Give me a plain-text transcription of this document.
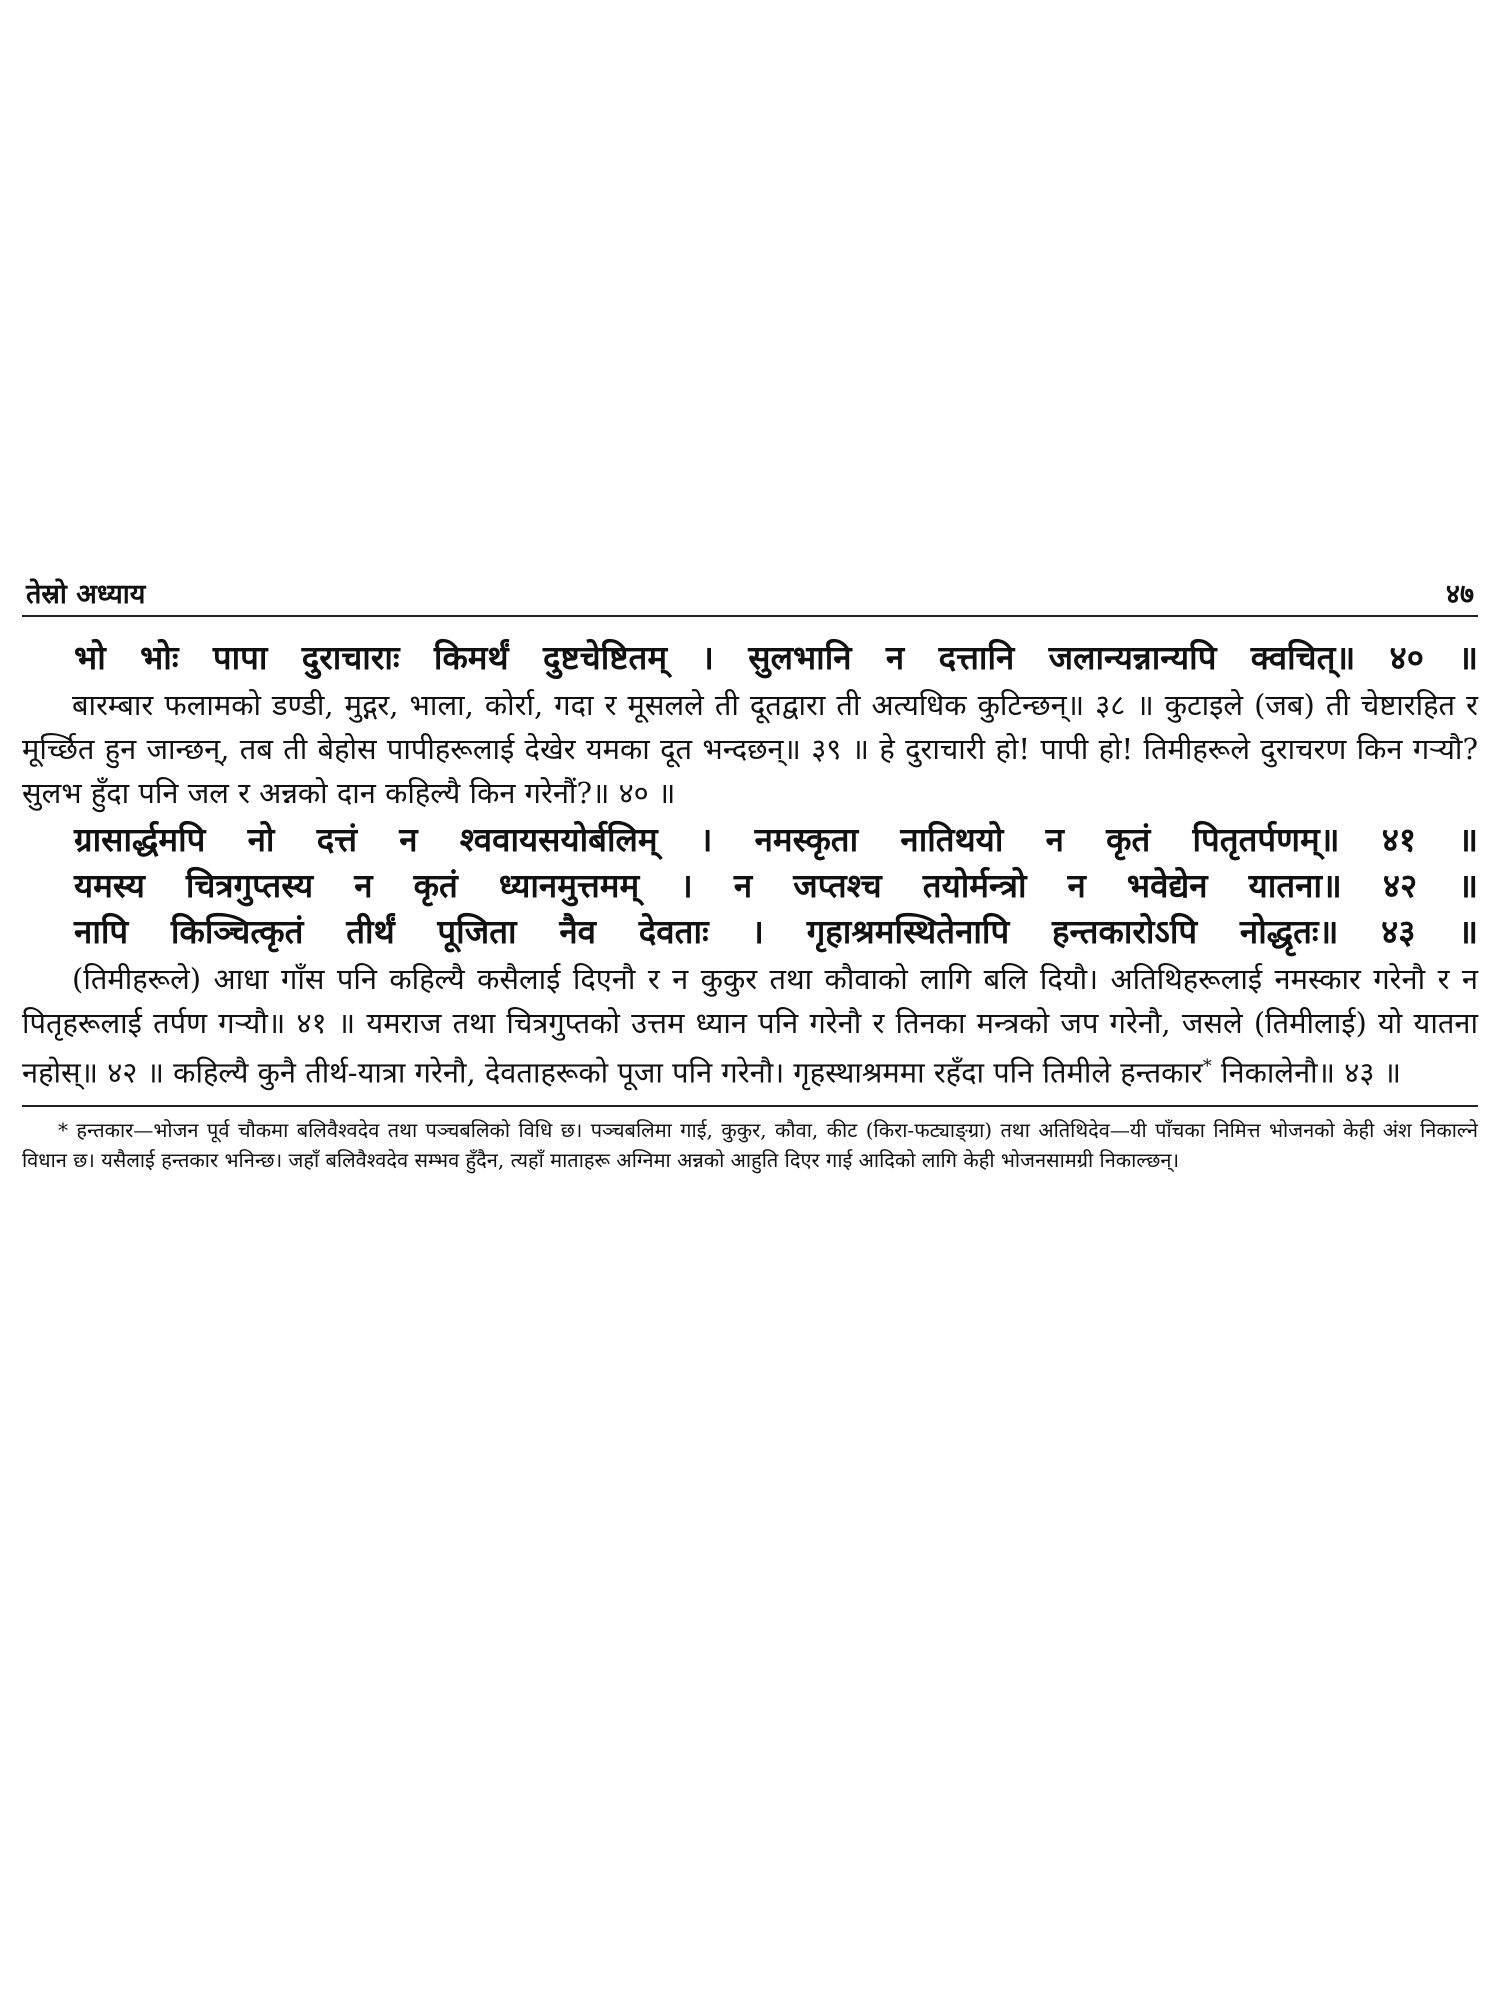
तेस्रो अध्याय	४७
भो भोः पापा दुराचाराः किमर्थं दुष्टचेष्टितम् । सुलभानि न दत्तानि जलान्यन्नान्यपि क्वचित्॥ ४० ॥

बारम्बार फलामको डण्डी, मुद्गर, भाला, कोर्रा, गदा र मूसलले ती दूतद्वारा ती अत्यधिक कुटिन्छन्॥ ३८ ॥ कुटाइले (जब) ती चेष्टारहित र मूर्च्छित हुन जान्छन्, तब ती बेहोस पापीहरूलाई देखेर यमका दूत भन्दछन्॥ ३९ ॥ हे दुराचारी हो! पापी हो! तिमीहरूले दुराचरण किन गऱ्यौ? सुलभ हुँदा पनि जल र अन्नको दान कहिल्यै किन गरेनौं?॥ ४० ॥

ग्रासार्द्धमपि नो दत्तं न श्ववायसयोर्बलिम् । नमस्कृता नातिथयो न कृतं पितृतर्पणम्॥ ४१ ॥
यमस्य चित्रगुप्तस्य न कृतं ध्यानमुत्तमम् । न जप्तश्च तयोर्मन्त्रो न भवेद्येन यातना॥ ४२ ॥
नापि किञ्चित्कृतं तीर्थं पूजिता नैव देवताः । गृहाश्रमस्थितेनापि हन्तकारोऽपि नोद्धृतः॥ ४३ ॥

(तिमीहरूले) आधा गाँस पनि कहिल्यै कसैलाई दिएनौ र न कुकुर तथा कौवाको लागि बलि दियौ। अतिथिहरूलाई नमस्कार गरेनौ र न पितृहरूलाई तर्पण गऱ्यौ॥ ४१ ॥ यमराज तथा चित्रगुप्तको उत्तम ध्यान पनि गरेनौ र तिनका मन्त्रको जप गरेनौ, जसले (तिमीलाई) यो यातना नहोस्॥ ४२ ॥ कहिल्यै कुनै तीर्थ-यात्रा गरेनौ, देवताहरूको पूजा पनि गरेनौ। गृहस्थाश्रममा रहँदा पनि तिमीले हन्तकार* निकालेनौ॥ ४३ ॥

* हन्तकार—भोजन पूर्व चौकमा बलिवैश्वदेव तथा पञ्चबलिको विधि छ। पञ्चबलिमा गाई, कुकुर, कौवा, कीट (किरा-फट्याङ्ग्रा) तथा अतिथिदेव—यी पाँचका निमित्त भोजनको केही अंश निकाल्ने विधान छ। यसैलाई हन्तकार भनिन्छ। जहाँ बलिवैश्वदेव सम्भव हुँदैन, त्यहाँ माताहरू अग्निमा अन्नको आहुति दिएर गाई आदिको लागि केही भोजनसामग्री निकाल्छन्।
